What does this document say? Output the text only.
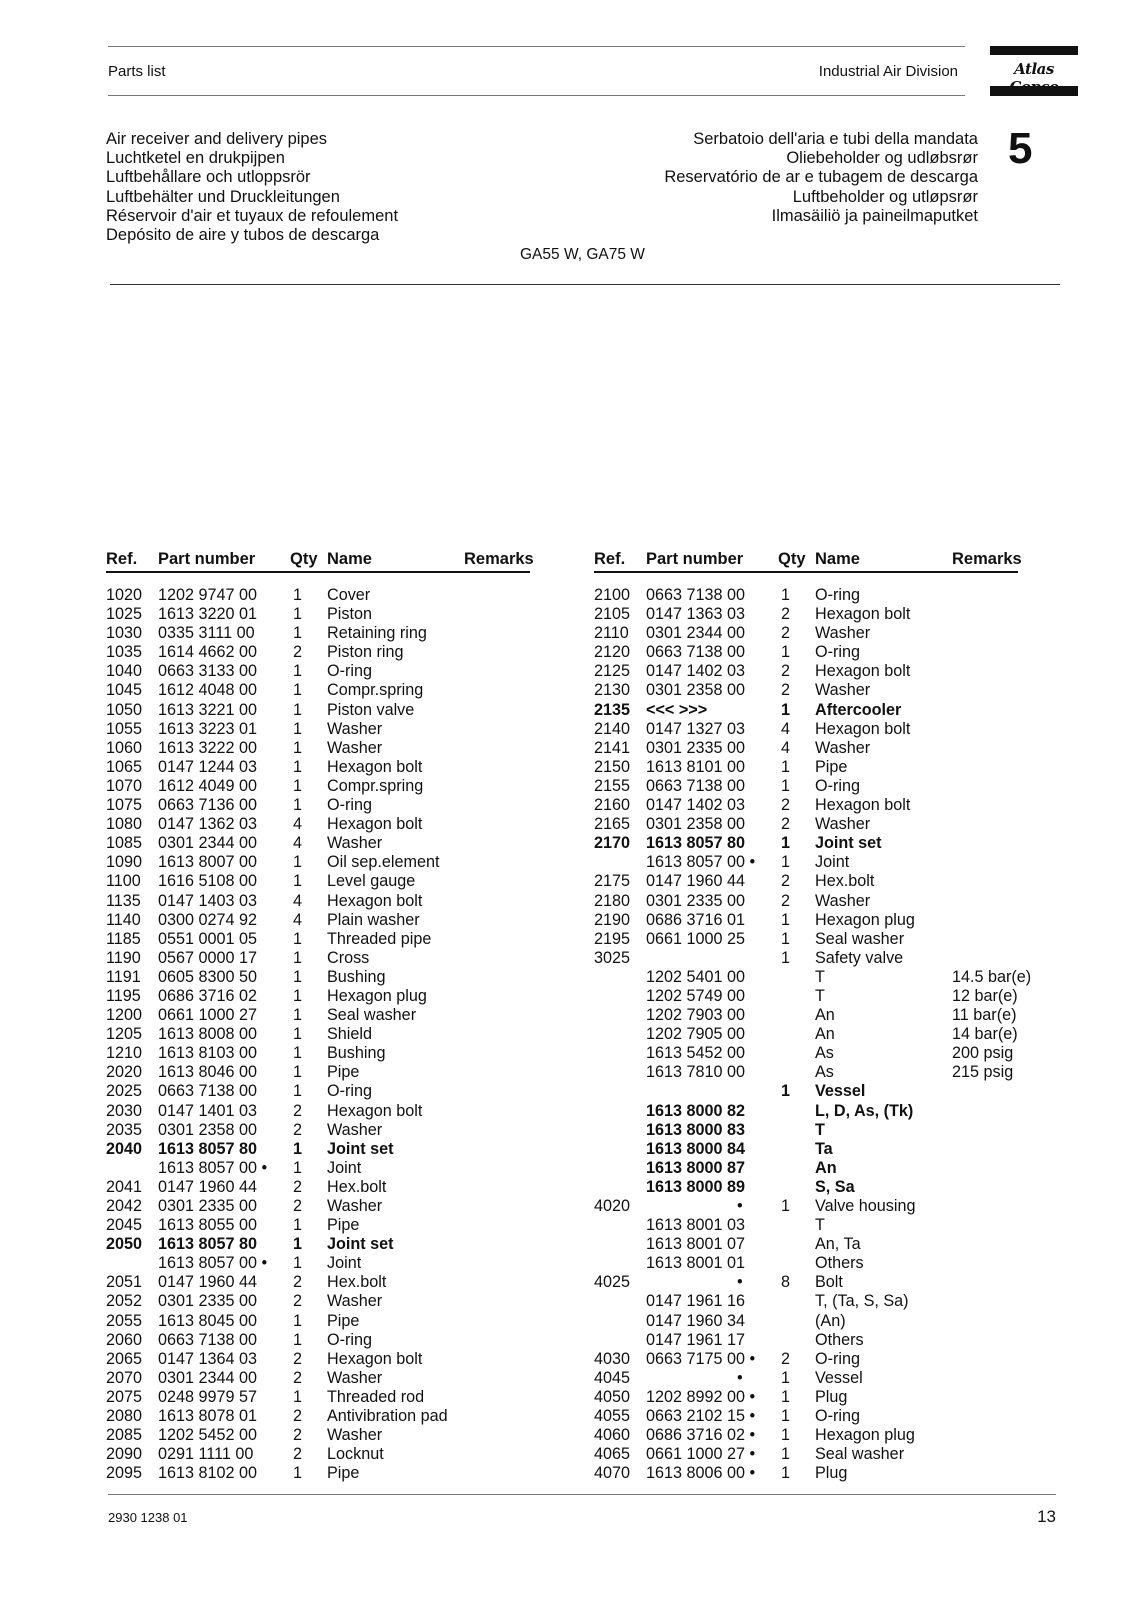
Parts list	Industrial Air Division	Atlas
Air receiver and delivery pipes
Luchtketel en drukpijpen
Luftbehållare och utloppsrör
Luftbehälter und Druckleitungen
Réservoir d'air et tuyaux de refoulement
Depósito de aire y tubos de descarga
Serbatoio dell'aria e tubi della mandata
Oliebeholder og udløbsrør
Reservatório de ar e tubagem de descarga
Luftbeholder og utløpsrør
Ilmasäiliö ja paineilmaputket
5
GA55 W, GA75 W
Ref. Part number Qty Name	Remarks
1020 1202 9747 00 1 Cover
1025 1613 3220 01 1 Piston
1030 0335 3111 00 1 Retaining ring
1035 1614 4662 00 2 Piston ring
1040 0663 3133 00 1 O-ring
1045 1612 4048 00 1 Compr.spring
1050 1613 3221 00 1 Piston valve
1055 1613 3223 01 1 Washer
1060 1613 3222 00 1 Washer
1065 0147 1244 03 1 Hexagon bolt
1070 1612 4049 00 1 Compr.spring
1075 0663 7136 00 1 O-ring
1080 0147 1362 03 4 Hexagon bolt
1085 0301 2344 00 4 Washer
1090 1613 8007 00 1 Oil sep.element
1100 1616 5108 00 1 Level gauge
1135 0147 1403 03 4 Hexagon bolt
1140 0300 0274 92 4 Plain washer
1185 0551 0001 05 1 Threaded pipe
1190 0567 0000 17 1 Cross
1191 0605 8300 50 1 Bushing
1195 0686 3716 02 1 Hexagon plug
1200 0661 1000 27 1 Seal washer
1205 1613 8008 00 1 Shield
1210 1613 8103 00 1 Bushing
2020 1613 8046 00 1 Pipe
2025 0663 7138 00 1 O-ring
2030 0147 1401 03 2 Hexagon bolt
2035 0301 2358 00 2 Washer
2040 1613 8057 80 1 Joint set
1613 8057 00 • 1 Joint
2041 0147 1960 44 2 Hex.bolt
2042 0301 2335 00 2 Washer
2045 1613 8055 00 1 Pipe
2050 1613 8057 80 1 Joint set
1613 8057 00 • 1 Joint
2051 0147 1960 44 2 Hex.bolt
2052 0301 2335 00 2 Washer
2055 1613 8045 00 1 Pipe
2060 0663 7138 00 1 O-ring
2065 0147 1364 03 2 Hexagon bolt
2070 0301 2344 00 2 Washer
2075 0248 9979 57 1 Threaded rod
2080 1613 8078 01 2 Antivibration pad
2085 1202 5452 00 2 Washer
2090 0291 1111 00 2 Locknut
2095 1613 8102 00 1 Pipe
Ref. Part number Qty Name	Remarks
2100 0663 7138 00 1 O-ring
2105 0147 1363 03 2 Hexagon bolt
2110 0301 2344 00 2 Washer
2120 0663 7138 00 1 O-ring
2125 0147 1402 03 2 Hexagon bolt
2130 0301 2358 00 2 Washer
2135 <<< >>>	1 Aftercooler
2140 0147 1327 03 4 Hexagon bolt
2141 0301 2335 00 4 Washer
2150 1613 8101 00 1 Pipe
2155 0663 7138 00 1 O-ring
2160 0147 1402 03 2 Hexagon bolt
2165 0301 2358 00 2 Washer
2170 1613 8057 80 1 Joint set
1613 8057 00 • 1 Joint
2175 0147 1960 44 2 Hex.bolt
2180 0301 2335 00 2 Washer
2190 0686 3716 01 1 Hexagon plug
2195 0661 1000 25 1 Seal washer
3025	1 Safety valve
1202 5401 00	T	14.5 bar(e)
1202 5749 00	T	12 bar(e)
1202 7903 00	An	11 bar(e)
1202 7905 00	An	14 bar(e)
1613 5452 00	As	200 psig
1613 7810 00	As	215 psig
1 Vessel
1613 8000 82	L, D, As, (Tk)
1613 8000 83	T
1613 8000 84	Ta
1613 8000 87	An
1613 8000 89	S, Sa
4020	• 1 Valve housing
1613 8001 03	T
1613 8001 07	An, Ta
1613 8001 01	Others
4025	• 8 Bolt
0147 1961 16	T, (Ta, S, Sa)
0147 1960 34	(An)
0147 1961 17	Others
4030 0663 7175 00 • 2 O-ring
4045	• 1 Vessel
4050 1202 8992 00 • 1 Plug
4055 0663 2102 15 • 1 O-ring
4060 0686 3716 02 • 1 Hexagon plug
4065 0661 1000 27 • 1 Seal washer
4070 1613 8006 00 • 1 Plug
2930 1238 01	13
